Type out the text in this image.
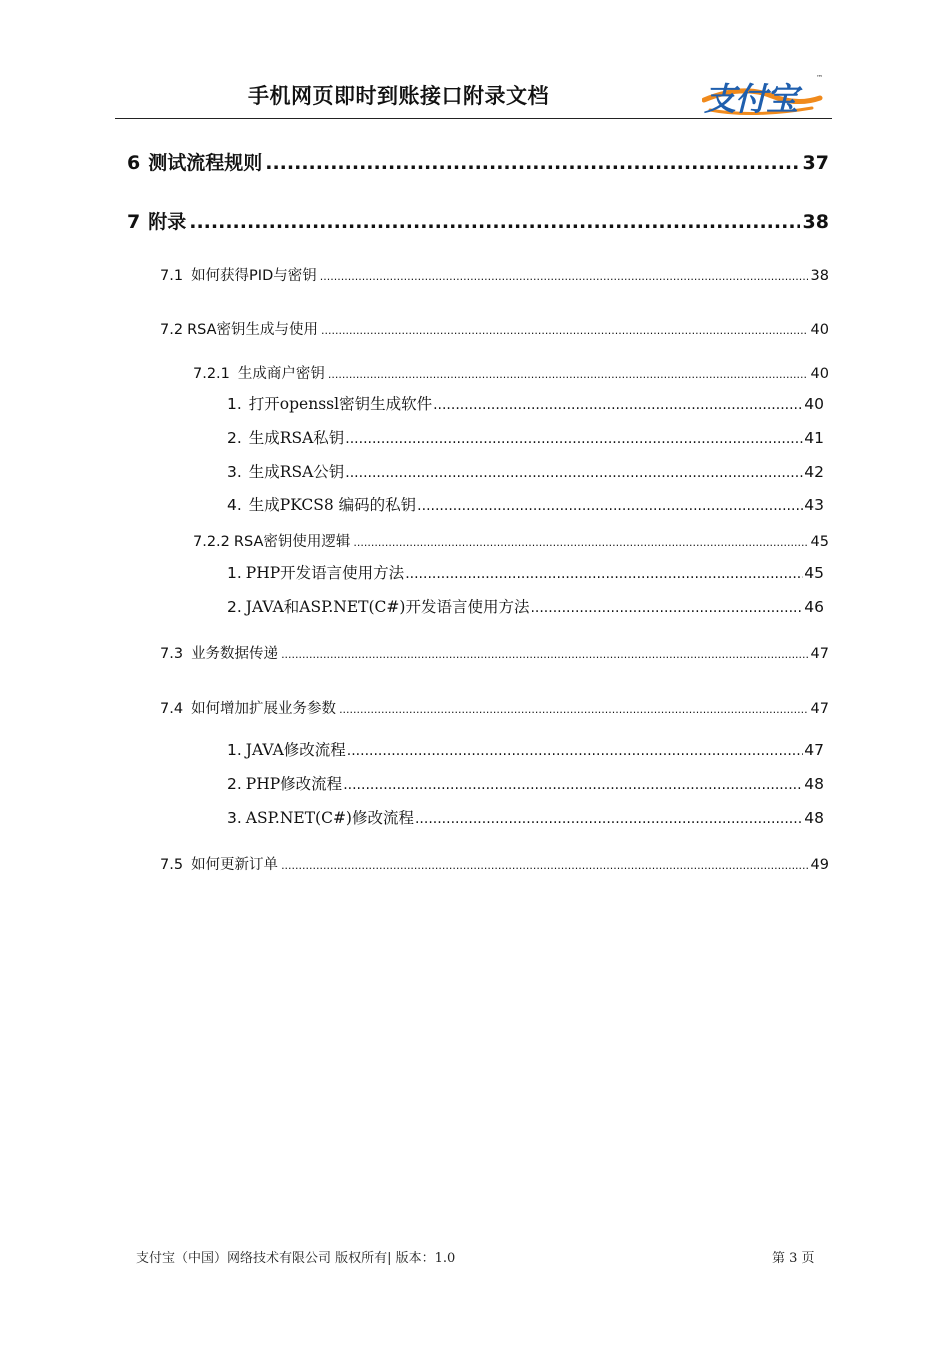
手机网页即时到账接口附录文档	支付宝
™
6 测试流程规则 .....	37
7 附录 .....	38
7.1 如何获得PID与密钥 .....	38
7.2 RSA密钥生成与使用 .....	40
7.2.1 生成商户密钥 .....	40
1. 打开openssl密钥生成软件 .....	40
2. 生成RSA私钥 .....	41
3. 生成RSA公钥 .....	42
4. 生成PKCS8 编码的私钥 .....	43
7.2.2 RSA密钥使用逻辑 .....	45
1. PHP开发语言使用方法 .....	45
2. JAVA和ASP.NET(C#)开发语言使用方法 .....	46
7.3 业务数据传递 .....	47
7.4 如何增加扩展业务参数 .....	47
1. JAVA修改流程 .....	47
2. PHP修改流程 .....	48
3. ASP.NET(C#)修改流程 .....	48
7.5 如何更新订单 .....	49
支付宝（中国）网络技术有限公司 版权所有| 版本：1.0	第 3 页
